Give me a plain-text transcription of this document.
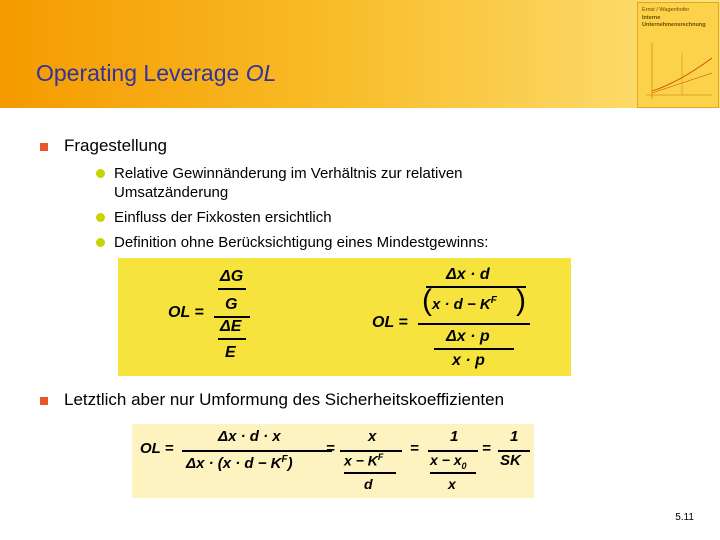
Operating Leverage OL
Ernst / Wagenhofer
Interne
Unternehmensrechnung
Fragestellung
Relative Gewinnänderung im Verhältnis zur relativen
Umsatzänderung
Einfluss der Fixkosten ersichtlich
Definition ohne Berücksichtigung eines Mindestgewinns:
OL =
ΔG
G
ΔE
E
OL =
Δx · d
( $x \cdot d - K^F$ )
Δx · p
x · p
Letztlich aber nur Umformung des Sicherheitskoeffizienten
OL =
Δx · d · x
$\Delta x \cdot (x \cdot d - K^F)$
=
x
$x - K^F$
d
=
1
$x - x_0$
x
=
1
SK
5.11
